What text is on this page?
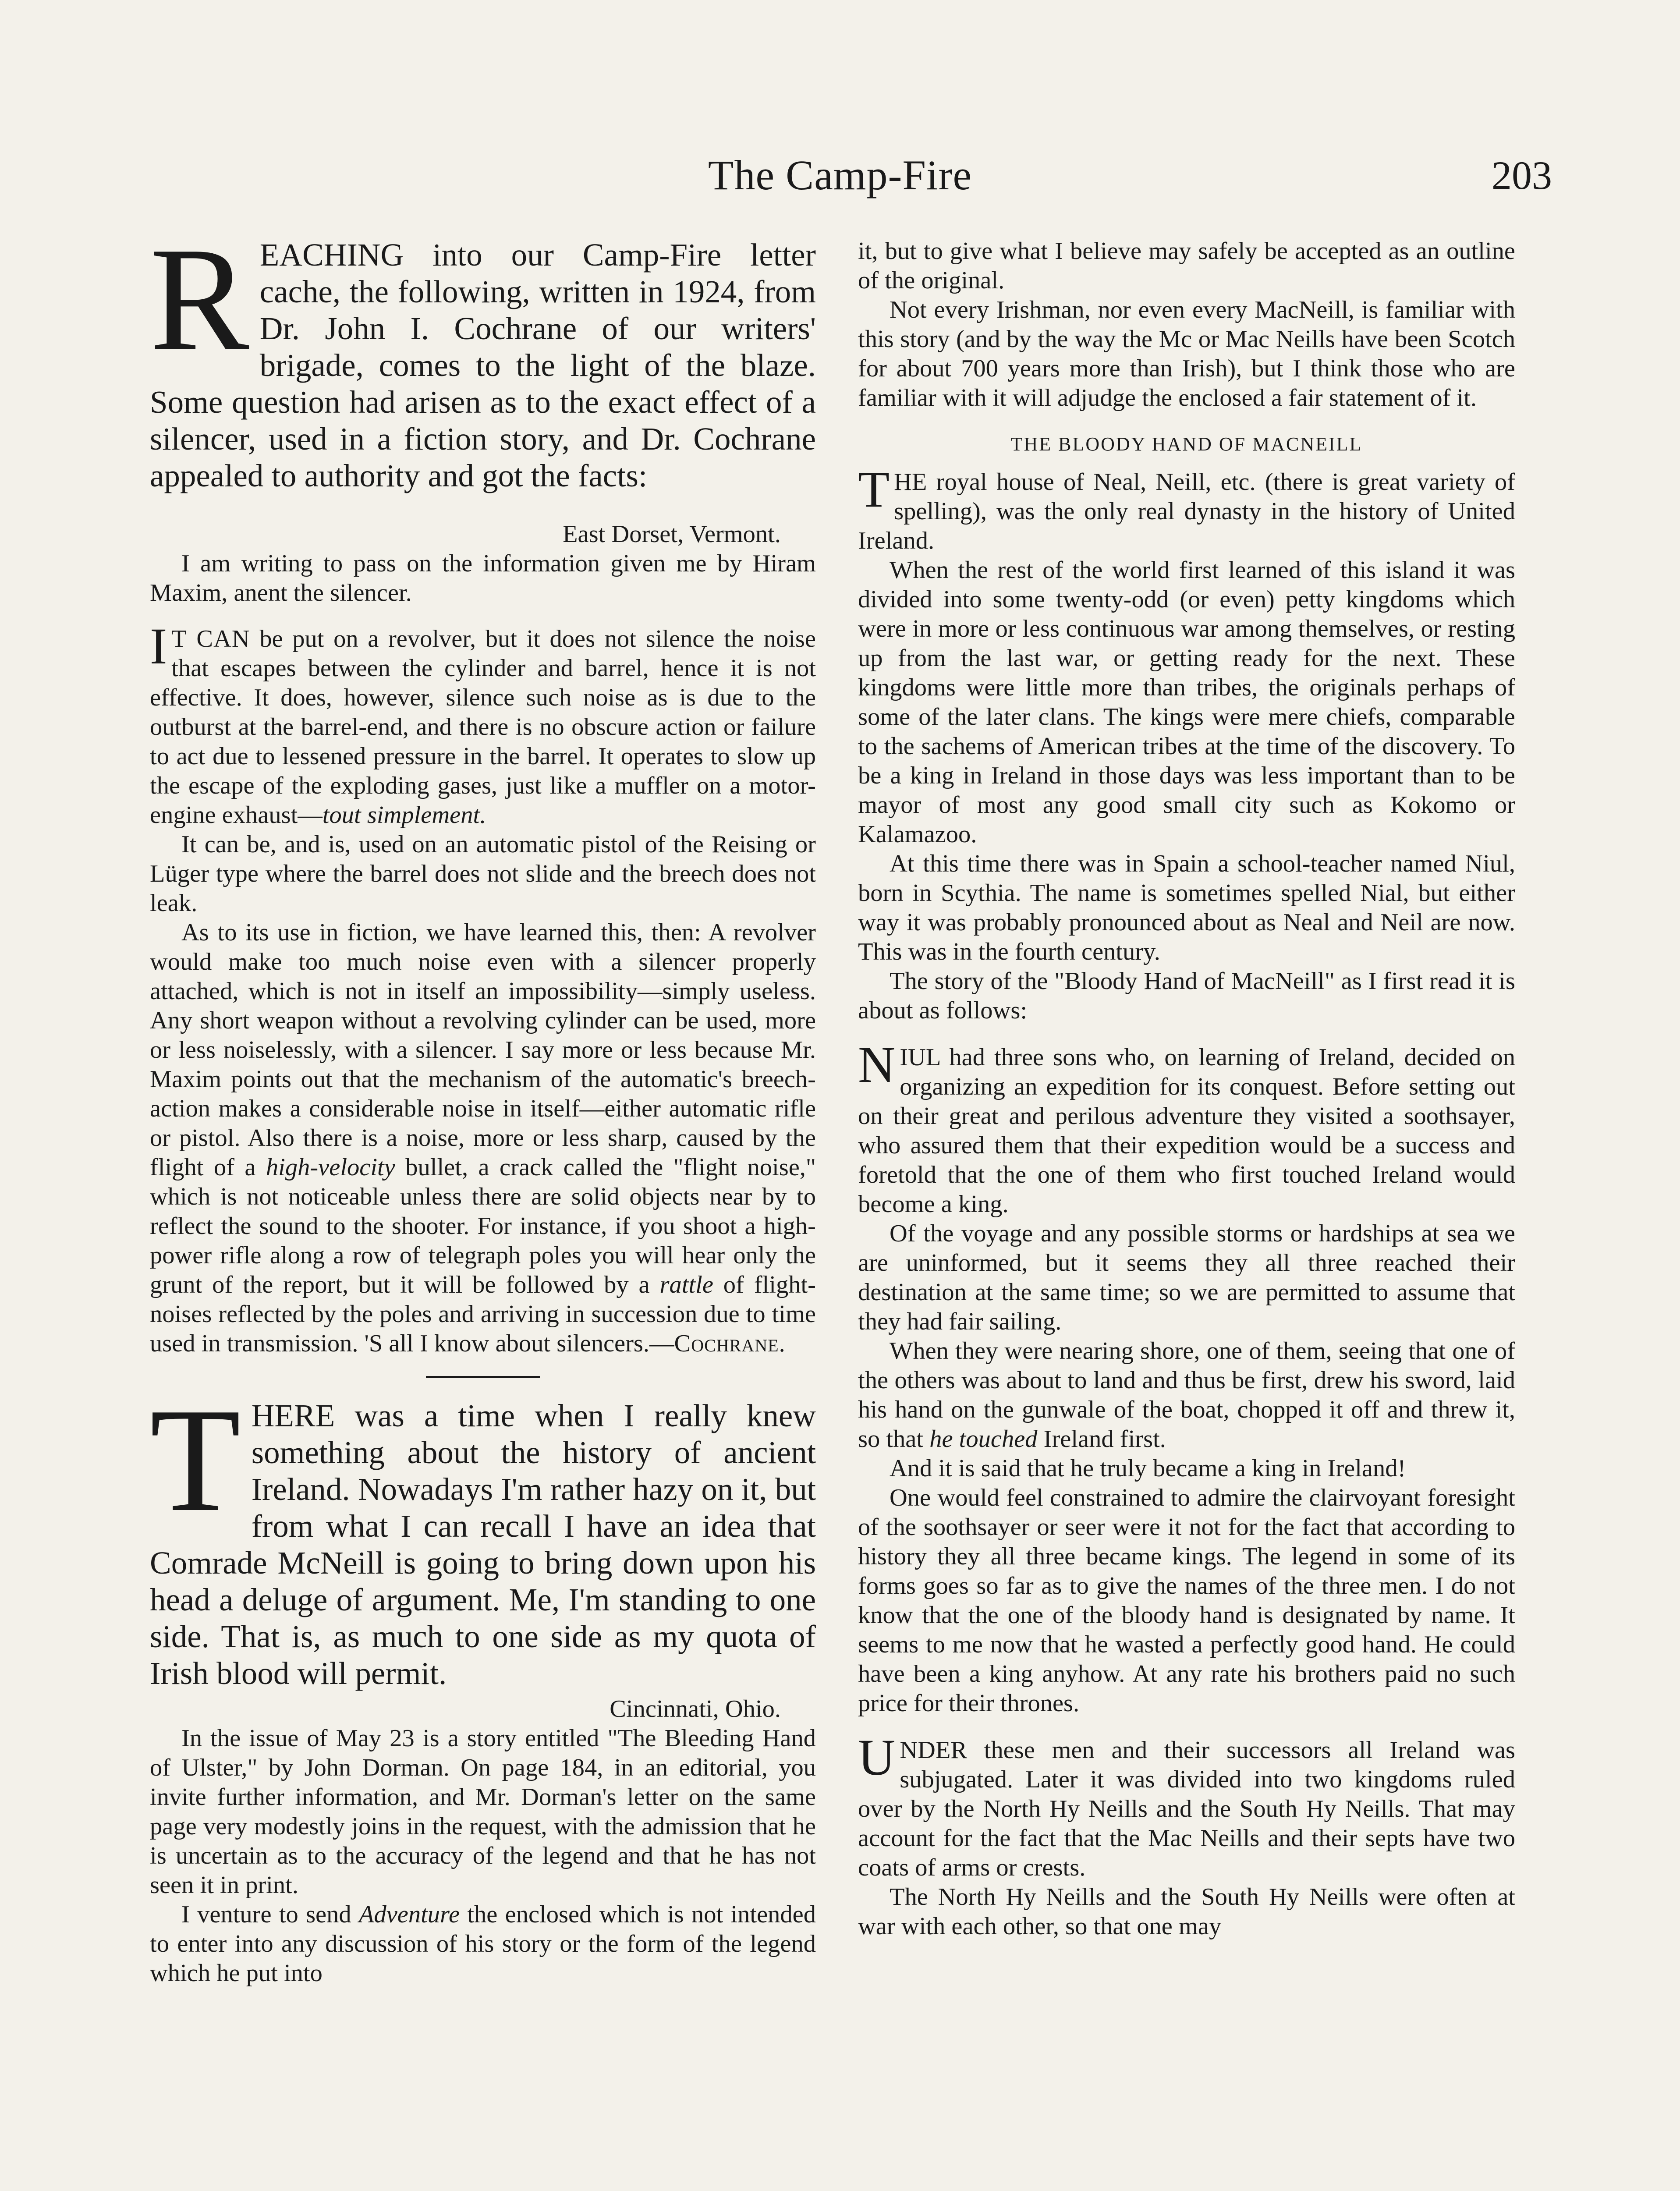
The Camp-Fire	203

REACHING into our Camp-Fire letter cache, the following, written in 1924, from Dr. John I. Cochrane of our writers' brigade, comes to the light of the blaze. Some question had arisen as to the exact effect of a silencer, used in a fiction story, and Dr. Cochrane appealed to authority and got the facts:

East Dorset, Vermont.

I am writing to pass on the information given me by Hiram Maxim, anent the silencer.

I T CAN be put on a revolver, but it does not silence the noise that escapes between the cylinder and barrel, hence it is not effective. It does, however, silence such noise as is due to the outburst at the barrel-end, and there is no obscure action or failure to act due to lessened pressure in the barrel. It operates to slow up the escape of the exploding gases, just like a muffler on a motor-engine exhaust—tout simplement.

It can be, and is, used on an automatic pistol of the Reising or Lüger type where the barrel does not slide and the breech does not leak.

As to its use in fiction, we have learned this, then: A revolver would make too much noise even with a silencer properly attached, which is not in itself an impossibility—simply useless. Any short weapon without a revolving cylinder can be used, more or less noiselessly, with a silencer. I say more or less because Mr. Maxim points out that the mechanism of the automatic's breech-action makes a considerable noise in itself—either automatic rifle or pistol. Also there is a noise, more or less sharp, caused by the flight of a high-velocity bullet, a crack called the "flight noise," which is not noticeable unless there are solid objects near by to reflect the sound to the shooter. For instance, if you shoot a high-power rifle along a row of telegraph poles you will hear only the grunt of the report, but it will be followed by a rattle of flight-noises reflected by the poles and arriving in succession due to time used in transmission. 'S all I know about silencers.—Cochrane.

THERE was a time when I really knew something about the history of ancient Ireland. Nowadays I'm rather hazy on it, but from what I can recall I have an idea that Comrade McNeill is going to bring down upon his head a deluge of argument. Me, I'm standing to one side. That is, as much to one side as my quota of Irish blood will permit.

Cincinnati, Ohio.

In the issue of May 23 is a story entitled "The Bleeding Hand of Ulster," by John Dorman. On page 184, in an editorial, you invite further information, and Mr. Dorman's letter on the same page very modestly joins in the request, with the admission that he is uncertain as to the accuracy of the legend and that he has not seen it in print.

I venture to send Adventure the enclosed which is not intended to enter into any discussion of his story or the form of the legend which he put into

it, but to give what I believe may safely be accepted as an outline of the original.

Not every Irishman, nor even every MacNeill, is familiar with this story (and by the way the Mc or Mac Neills have been Scotch for about 700 years more than Irish), but I think those who are familiar with it will adjudge the enclosed a fair statement of it.

THE BLOODY HAND OF MACNEILL

THE royal house of Neal, Neill, etc. (there is great variety of spelling), was the only real dynasty in the history of United Ireland.

When the rest of the world first learned of this island it was divided into some twenty-odd (or even) petty kingdoms which were in more or less continuous war among themselves, or resting up from the last war, or getting ready for the next. These kingdoms were little more than tribes, the originals perhaps of some of the later clans. The kings were mere chiefs, comparable to the sachems of American tribes at the time of the discovery. To be a king in Ireland in those days was less important than to be mayor of most any good small city such as Kokomo or Kalamazoo.

At this time there was in Spain a school-teacher named Niul, born in Scythia. The name is sometimes spelled Nial, but either way it was probably pronounced about as Neal and Neil are now. This was in the fourth century.

The story of the "Bloody Hand of MacNeill" as I first read it is about as follows:

NIUL had three sons who, on learning of Ireland, decided on organizing an expedition for its conquest. Before setting out on their great and perilous adventure they visited a soothsayer, who assured them that their expedition would be a success and foretold that the one of them who first touched Ireland would become a king.

Of the voyage and any possible storms or hardships at sea we are uninformed, but it seems they all three reached their destination at the same time; so we are permitted to assume that they had fair sailing.

When they were nearing shore, one of them, seeing that one of the others was about to land and thus be first, drew his sword, laid his hand on the gunwale of the boat, chopped it off and threw it, so that he touched Ireland first.

And it is said that he truly became a king in Ireland!

One would feel constrained to admire the clairvoyant foresight of the soothsayer or seer were it not for the fact that according to history they all three became kings. The legend in some of its forms goes so far as to give the names of the three men. I do not know that the one of the bloody hand is designated by name. It seems to me now that he wasted a perfectly good hand. He could have been a king anyhow. At any rate his brothers paid no such price for their thrones.

UNDER these men and their successors all Ireland was subjugated. Later it was divided into two kingdoms ruled over by the North Hy Neills and the South Hy Neills. That may account for the fact that the Mac Neills and their septs have two coats of arms or crests.

The North Hy Neills and the South Hy Neills were often at war with each other, so that one may
